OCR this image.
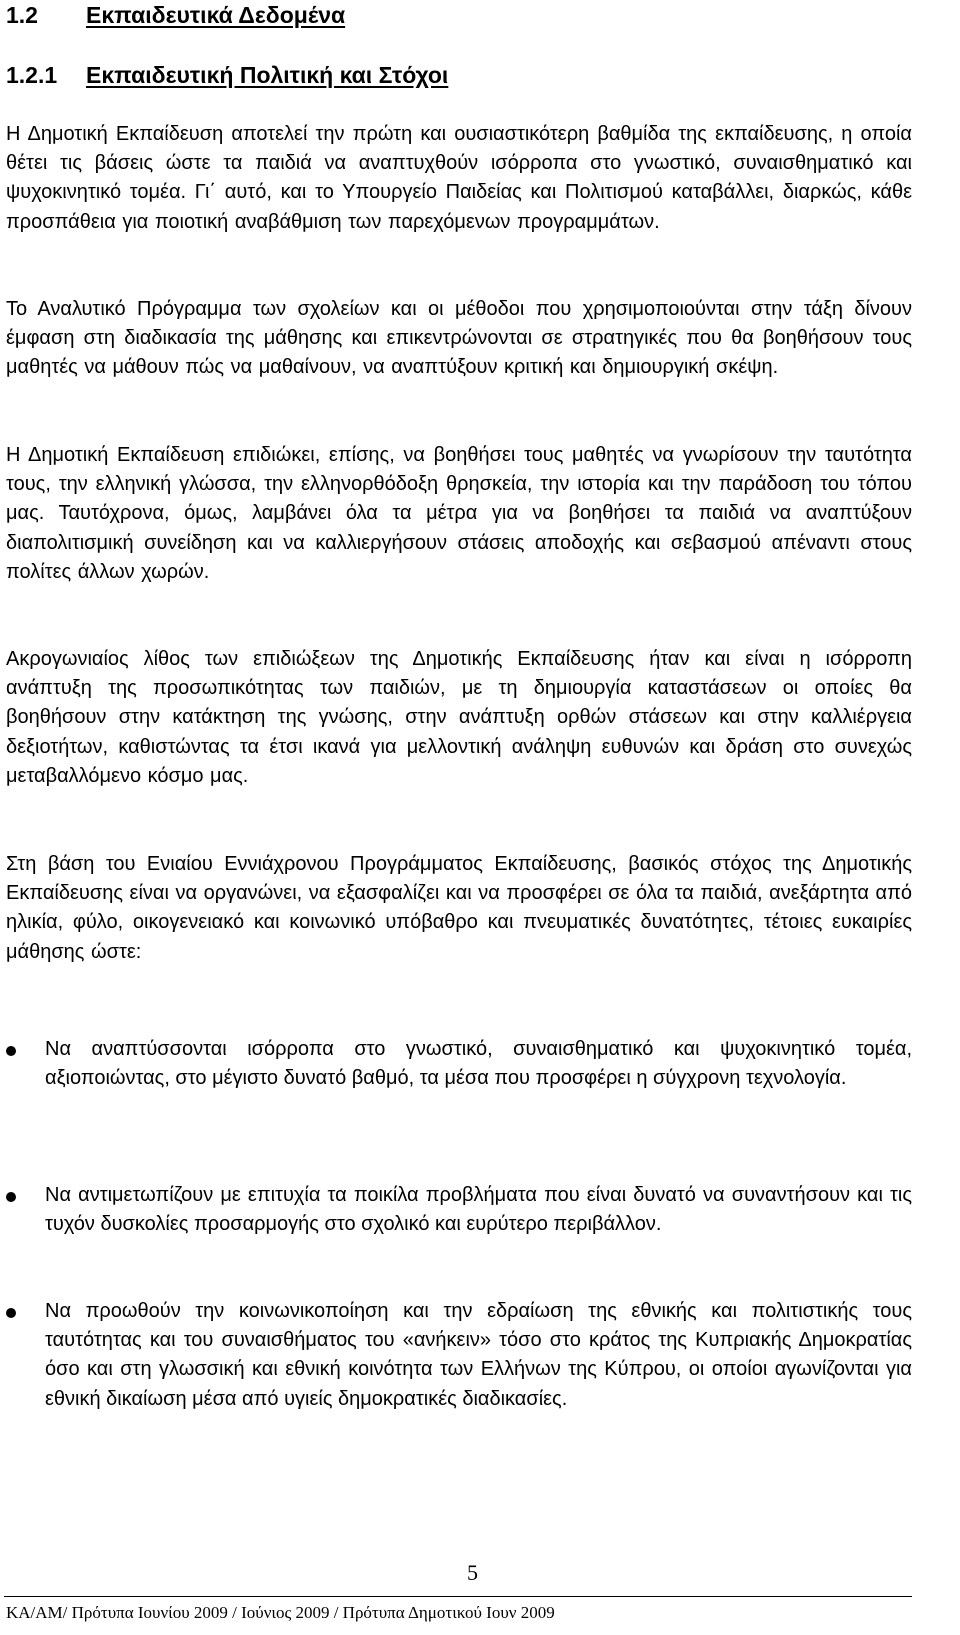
1.2 Εκπαιδευτικά Δεδομένα
1.2.1 Εκπαιδευτική Πολιτική και Στόχοι

Η Δημοτική Εκπαίδευση αποτελεί την πρώτη και ουσιαστικότερη βαθμίδα της εκπαίδευσης, η οποία θέτει τις βάσεις ώστε τα παιδιά να αναπτυχθούν ισόρροπα στο γνωστικό, συναισθηματικό και ψυχοκινητικό τομέα. Γι΄ αυτό, και το Υπουργείο Παιδείας και Πολιτισμού καταβάλλει, διαρκώς, κάθε προσπάθεια για ποιοτική αναβάθμιση των παρεχόμενων προγραμμάτων.

Το Αναλυτικό Πρόγραμμα των σχολείων και οι μέθοδοι που χρησιμοποιούνται στην τάξη δίνουν έμφαση στη διαδικασία της μάθησης και επικεντρώνονται σε στρατηγικές που θα βοηθήσουν τους μαθητές να μάθουν πώς να μαθαίνουν, να αναπτύξουν κριτική και δημιουργική σκέψη.

Η Δημοτική Εκπαίδευση επιδιώκει, επίσης, να βοηθήσει τους μαθητές να γνωρίσουν την ταυτότητα τους, την ελληνική γλώσσα, την ελληνορθόδοξη θρησκεία, την ιστορία και την παράδοση του τόπου μας. Ταυτόχρονα, όμως, λαμβάνει όλα τα μέτρα για να βοηθήσει τα παιδιά να αναπτύξουν διαπολιτισμική συνείδηση και να καλλιεργήσουν στάσεις αποδοχής και σεβασμού απέναντι στους πολίτες άλλων χωρών.

Ακρογωνιαίος λίθος των επιδιώξεων της Δημοτικής Εκπαίδευσης ήταν και είναι η ισόρροπη ανάπτυξη της προσωπικότητας των παιδιών, με τη δημιουργία καταστάσεων οι οποίες θα βοηθήσουν στην κατάκτηση της γνώσης, στην ανάπτυξη ορθών στάσεων και στην καλλιέργεια δεξιοτήτων, καθιστώντας τα έτσι ικανά για μελλοντική ανάληψη ευθυνών και δράση στο συνεχώς μεταβαλλόμενο κόσμο μας.

Στη βάση του Ενιαίου Εννιάχρονου Προγράμματος Εκπαίδευσης, βασικός στόχος της Δημοτικής Εκπαίδευσης είναι να οργανώνει, να εξασφαλίζει και να προσφέρει σε όλα τα παιδιά, ανεξάρτητα από ηλικία, φύλο, οικογενειακό και κοινωνικό υπόβαθρο και πνευματικές δυνατότητες, τέτοιες ευκαιρίες μάθησης ώστε:

Να αναπτύσσονται ισόρροπα στο γνωστικό, συναισθηματικό και ψυχοκινητικό τομέα, αξιοποιώντας, στο μέγιστο δυνατό βαθμό, τα μέσα που προσφέρει η σύγχρονη τεχνολογία.

Να αντιμετωπίζουν με επιτυχία τα ποικίλα προβλήματα που είναι δυνατό να συναντήσουν και τις τυχόν δυσκολίες προσαρμογής στο σχολικό και ευρύτερο περιβάλλον.

Να προωθούν την κοινωνικοποίηση και την εδραίωση της εθνικής και πολιτιστικής τους ταυτότητας και του συναισθήματος του «ανήκειν» τόσο στο κράτος της Κυπριακής Δημοκρατίας όσο και στη γλωσσική και εθνική κοινότητα των Ελλήνων της Κύπρου, οι οποίοι αγωνίζονται για εθνική δικαίωση μέσα από υγιείς δημοκρατικές διαδικασίες.

5
ΚΑ/ΑΜ/ Πρότυπα Ιουνίου 2009 / Ιούνιος 2009 / Πρότυπα Δημοτικού Ιουν 2009
